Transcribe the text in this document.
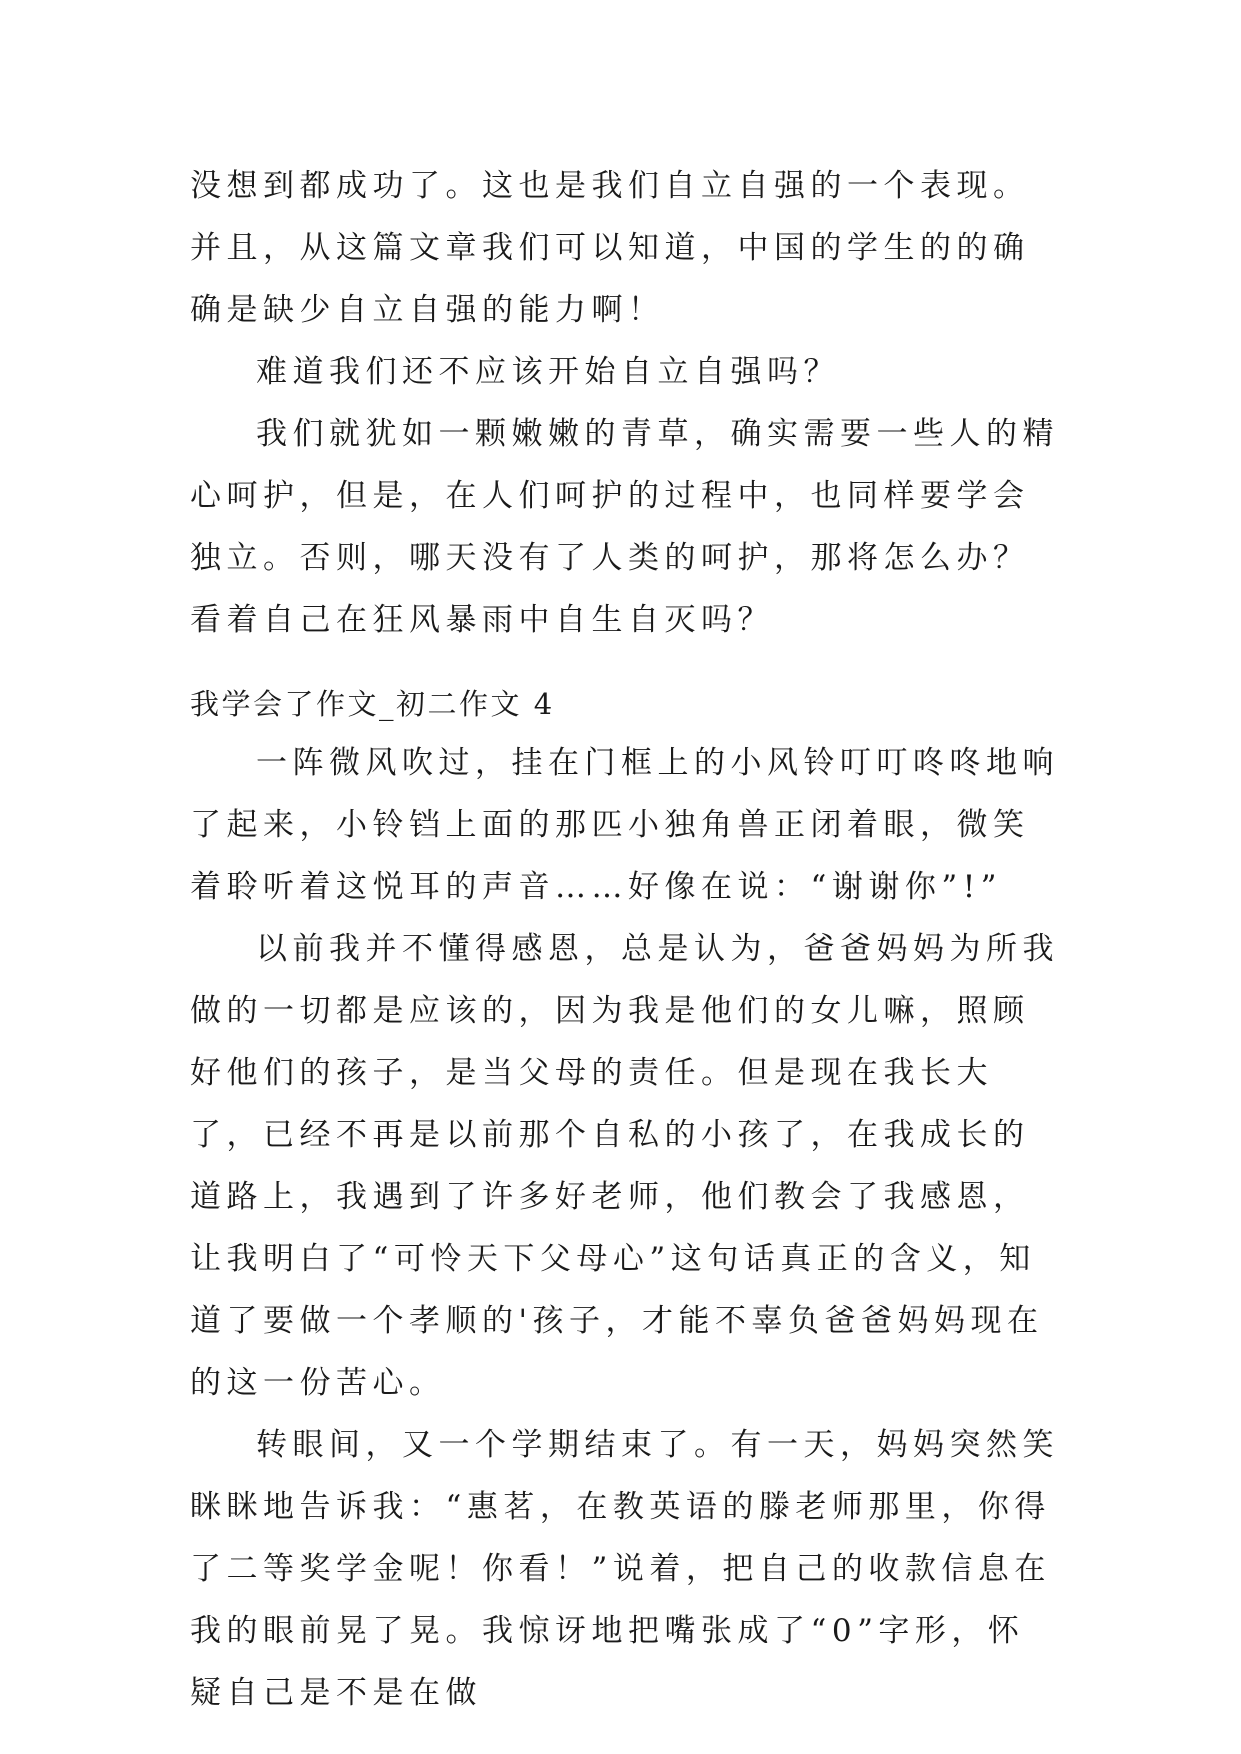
没想到都成功了。这也是我们自立自强的一个表现。并且，从这篇文章我们可以知道，中国的学生的的确确是缺少自立自强的能力啊！

难道我们还不应该开始自立自强吗？

我们就犹如一颗嫩嫩的青草，确实需要一些人的精心呵护，但是，在人们呵护的过程中，也同样要学会独立。否则，哪天没有了人类的呵护，那将怎么办？看着自己在狂风暴雨中自生自灭吗？

我学会了作文_初二作文 4

一阵微风吹过，挂在门框上的小风铃叮叮咚咚地响了起来，小铃铛上面的那匹小独角兽正闭着眼，微笑着聆听着这悦耳的声音……好像在说：“谢谢你”!”

以前我并不懂得感恩，总是认为，爸爸妈妈为所我做的一切都是应该的，因为我是他们的女儿嘛，照顾好他们的孩子，是当父母的责任。但是现在我长大了，已经不再是以前那个自私的小孩了，在我成长的道路上，我遇到了许多好老师，他们教会了我感恩，让我明白了“可怜天下父母心”这句话真正的含义，知道了要做一个孝顺的'孩子，才能不辜负爸爸妈妈现在的这一份苦心。

转眼间，又一个学期结束了。有一天，妈妈突然笑眯眯地告诉我：“惠茗，在教英语的滕老师那里，你得了二等奖学金呢！你看！”说着，把自己的收款信息在我的眼前晃了晃。我惊讶地把嘴张成了“0”字形，怀疑自己是不是在做
